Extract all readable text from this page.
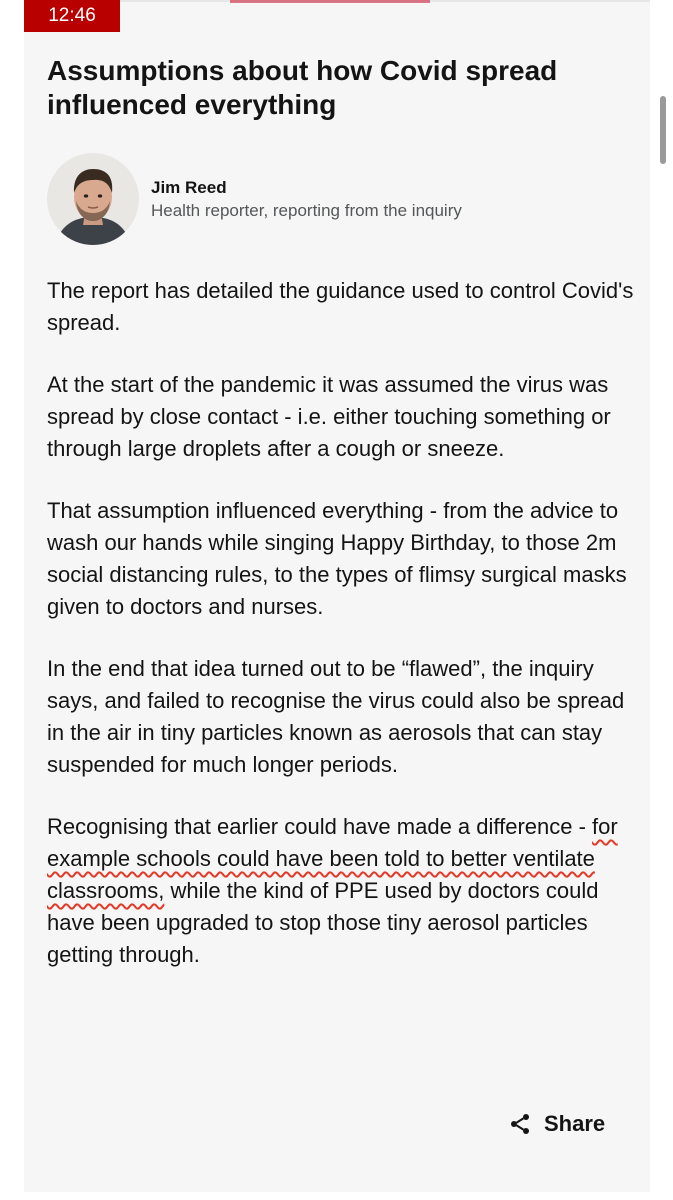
12:46
Assumptions about how Covid spread influenced everything
Jim Reed
Health reporter, reporting from the inquiry

The report has detailed the guidance used to control Covid's spread.

At the start of the pandemic it was assumed the virus was spread by close contact - i.e. either touching something or through large droplets after a cough or sneeze.

That assumption influenced everything - from the advice to wash our hands while singing Happy Birthday, to those 2m social distancing rules, to the types of flimsy surgical masks given to doctors and nurses.

In the end that idea turned out to be “flawed”, the inquiry says, and failed to recognise the virus could also be spread in the air in tiny particles known as aerosols that can stay suspended for much longer periods.

Recognising that earlier could have made a difference - for example schools could have been told to better ventilate classrooms, while the kind of PPE used by doctors could have been upgraded to stop those tiny aerosol particles getting through.

Share
